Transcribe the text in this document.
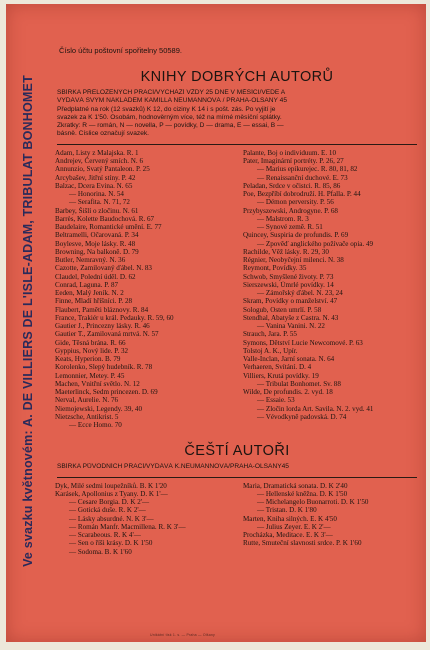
Ve svazku květnovém: A. DE VILLIERS DE L'ISLE-ADAM, TRIBULAT BONHOMET
Číslo účtu poštovní spořitelny 50589.
KNIHY DOBRÝCH AUTORŮ
SBÍRKA PŘELOŽENÝCH PRACÍ/VYCHÁZÍ VŽDY 25 DNE V MĚSÍCI/VEDE A
VYDÁVÁ SVÝM NÁKLADEM KAMILLA NEUMANNOVÁ / PRAHA-OLŠANY 45
Předplatné na rok (12 svazků) K 12, do ciziny K 14 i s pošt. zás. Po vyjití je
svazek za K 1'50. Osobám, hodnověrným více, též na mírné měsíční splátky.
Zkratky: R — román, N — novella, P — povídky, D — drama, E — essai, B —
básně. Číslice označují svazek.
Adam, Listy z Malajska. R. 1
Andrejev, Červený smích. N. 6
Annunzio, Svatý Pantaleon. P. 25
Arcybašev, Jitřní stíny. P. 42
Balzac, Dcera Evina. N. 65
— Honorina. N. 54
— Serafita. N. 71, 72
Barbey, Šišlí o zločinu. N. 61
Barrès, Kolette Baudochová. R. 67
Baudelaire, Romantické umění. E. 77
Beltramelli, Očarovaná. P. 34
Boylesve, Moje lásky. R. 48
Browning, Na balkoně. D. 79
Butler, Nemravný. N. 36
Cazotte, Zamilovaný ďábel. N. 83
Claudel, Polední úděl. D. 62
Conrad, Laguna. P. 87
Eeden, Malý Jeník. N. 2
Finne, Mladí hříšníci. P. 28
Flaubert, Paměti bláznovy. R. 84
France, Trakiér u král. Pedauky. R. 59, 60
Gautier J., Princezny lásky. R. 46
Gautier T., Zamilovaná mrtvá. N. 57
Gide, Těsná brána. R. 66
Gyppius, Nový lide. P. 32
Keats, Hyperion. B. 79
Korolenko, Slepý hudebník. R. 78
Lemonnier, Metey. P. 45
Machen, Vnitřní světlo. N. 12
Maeterlinck, Sedm princezen. D. 69
Nerval, Aurelie. N. 76
Niemojewski, Legendy. 39, 40
Nietzsche, Antikrist. 5
— Ecce Homo. 70
Palante, Boj o individuum. E. 10
Pater, Imaginární portréty. P. 26, 27
— Marius epikurejec. R. 80, 81, 82
— Renaissanční duchové. E. 73
Peladan, Srdce v očistci. R. 85, 86
Poe, Bezpříbí dobrodruží. H. Pfalla. P. 44
— Démon perversity. P. 56
Przybyszewski, Androgyne. P. 68
— Malstrom. R. 3
— Synové země. R. 51
Quincey, Suspiria de profundis. P. 69
— Zpověď anglického požívače opia. 49
Rachilde, Věž lásky. R. 29, 30
Régnier, Neobyčejní milenci. N. 38
Reymont, Povídky. 35
Schwob, Smyšlené životy. P. 73
Sierszewski, Úmrlé povídky. 14
— Zámořský ďábel. N. 23, 24
Skram, Povídky o manželství. 47
Sologub, Osten umrlí. P. 58
Stendhal, Abatyše z Castra. N. 43
— Vanina Vanini. N. 22
Strauch, Jara. P. 55
Symons, Dětství Lucie Newcomové. P. 63
Tolstoj A. K., Upír.
Valle-Inclan, Jarní sonata. N. 64
Verhaeren, Svítání. D. 4
Villiers, Krutá povídky. 19
— Tribulat Bonhomet. Sv. 88
Wilde, De profundis. 2. vyd. 18
— Essaie. 53
— Zločin lorda Art. Savila. N. 2. vyd. 41
— Vévodkyně padovská. D. 74
ČEŠTÍ AUTOŘI
SBÍRKA PŮVODNÍCH PRACÍ/VYDÁVÁ K.NEUMANNOVÁ/PRAHA-OLŠANY45
Dyk, Milé sedmi loupežníků. B. K 1'20
Karásek, Apollonius z Tyany. D. K 1'—
— Cesare Borgia. D. K 2'—
— Gotická duše. R. K 2'—
— Lásky absurdné. N. K 3'—
— Román Manfr. Macmillena. R. K 3'—
— Scarabeous. R. K 4'—
— Sen o říši krásy. D. K 1'50
— Sodoma. B. K 1'60
Maria, Dramatická sonata. D. K 2'40
— Hellenské kněžna. D. K 1'50
— Michelangelo Buonarroti. D. K 1'50
— Tristan. D. K 1'80
Marten, Kniha silných. E. K 4'50
— Julius Zeyer. E. K 2'—
Procházka, Meditace. E. K 3'—
Rutte, Smuteční slavnosti srdce. P. K 1'60
Unikátní tisk 1. s. — Praha — Olšany
